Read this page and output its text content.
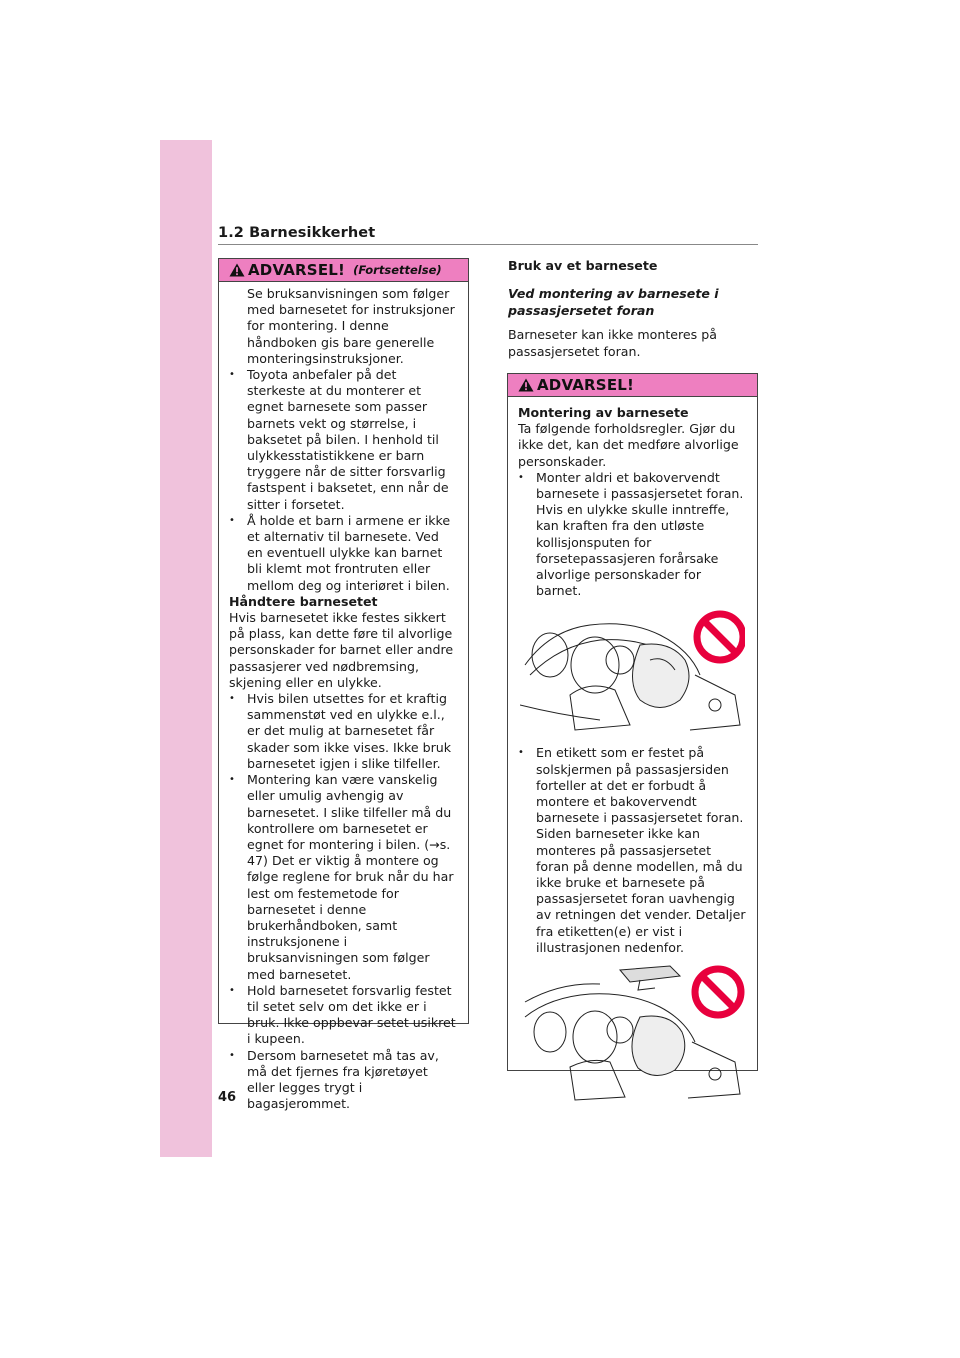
1.2 Barnesikkerhet
ADVARSEL! (Fortsettelse)

Se bruksanvisningen som følger med barnesetet for instruksjoner for montering. I denne håndboken gis bare generelle monteringsinstruksjoner.

• Toyota anbefaler på det sterkeste at du monterer et egnet barnesete som passer barnets vekt og størrelse, i baksetet på bilen. I henhold til ulykkesstatistikkene er barn tryggere når de sitter forsvarlig fastspent i baksetet, enn når de sitter i forsetet.

• Å holde et barn i armene er ikke et alternativ til barnesete. Ved en eventuell ulykke kan barnet bli klemt mot frontruten eller mellom deg og interiøret i bilen.

Håndtere barnesetet

Hvis barnesetet ikke festes sikkert på plass, kan dette føre til alvorlige personskader for barnet eller andre passasjerer ved nødbremsing, skjening eller en ulykke.

• Hvis bilen utsettes for et kraftig sammenstøt ved en ulykke e.l., er det mulig at barnesetet får skader som ikke vises. Ikke bruk barnesetet igjen i slike tilfeller.

• Montering kan være vanskelig eller umulig avhengig av barnesetet. I slike tilfeller må du kontrollere om barnesetet er egnet for montering i bilen. (→s. 47) Det er viktig å montere og følge reglene for bruk når du har lest om festemetode for barnesetet i denne brukerhåndboken, samt instruksjonene i bruksanvisningen som følger med barnesetet.

• Hold barnesetet forsvarlig festet til setet selv om det ikke er i bruk. Ikke oppbevar setet usikret i kupeen.

• Dersom barnesetet må tas av, må det fjernes fra kjøretøyet eller legges trygt i bagasjerommet.

Bruk av et barnesete
Ved montering av barnesete i passasjersetet foran
Barneseter kan ikke monteres på passasjersetet foran.
ADVARSEL!

Montering av barnesete

Ta følgende forholdsregler. Gjør du ikke det, kan det medføre alvorlige personskader.

• Monter aldri et bakovervendt barnesete i passasjersetet foran. Hvis en ulykke skulle inntreffe, kan kraften fra den utløste kollisjonsputen for forsetepassasjeren forårsake alvorlige personskader for barnet.

• En etikett som er festet på solskjermen på passasjersiden forteller at det er forbudt å montere et bakovervendt barnesete i passasjersetet foran. Siden barneseter ikke kan monteres på passasjersetet foran på denne modellen, må du ikke bruke et barnesete på passasjersetet foran uavhengig av retningen det vender. Detaljer fra etiketten(e) er vist i illustrasjonen nedenfor.

46
